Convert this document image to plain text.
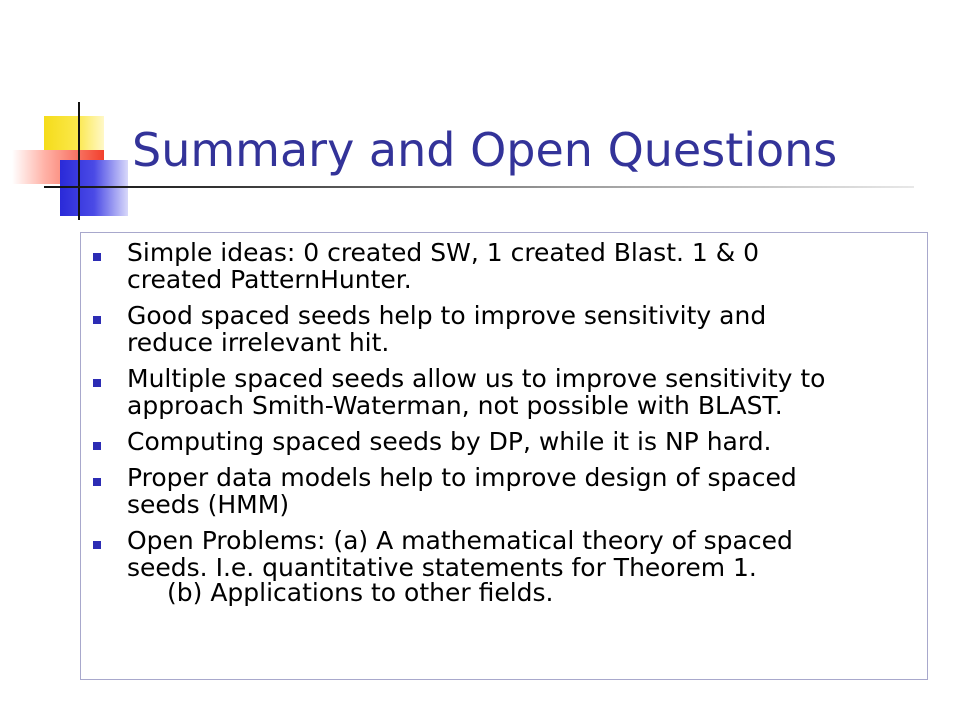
Summary and Open Questions
Simple ideas: 0 created SW, 1 created Blast. 1 & 0
created PatternHunter.
Good spaced seeds help to improve sensitivity and
reduce irrelevant hit.
Multiple spaced seeds allow us to improve sensitivity to
approach Smith-Waterman, not possible with BLAST.
Computing spaced seeds by DP, while it is NP hard.
Proper data models help to improve design of spaced
seeds (HMM)
Open Problems: (a) A mathematical theory of spaced
seeds. I.e. quantitative statements for Theorem 1.
(b) Applications to other fields.
